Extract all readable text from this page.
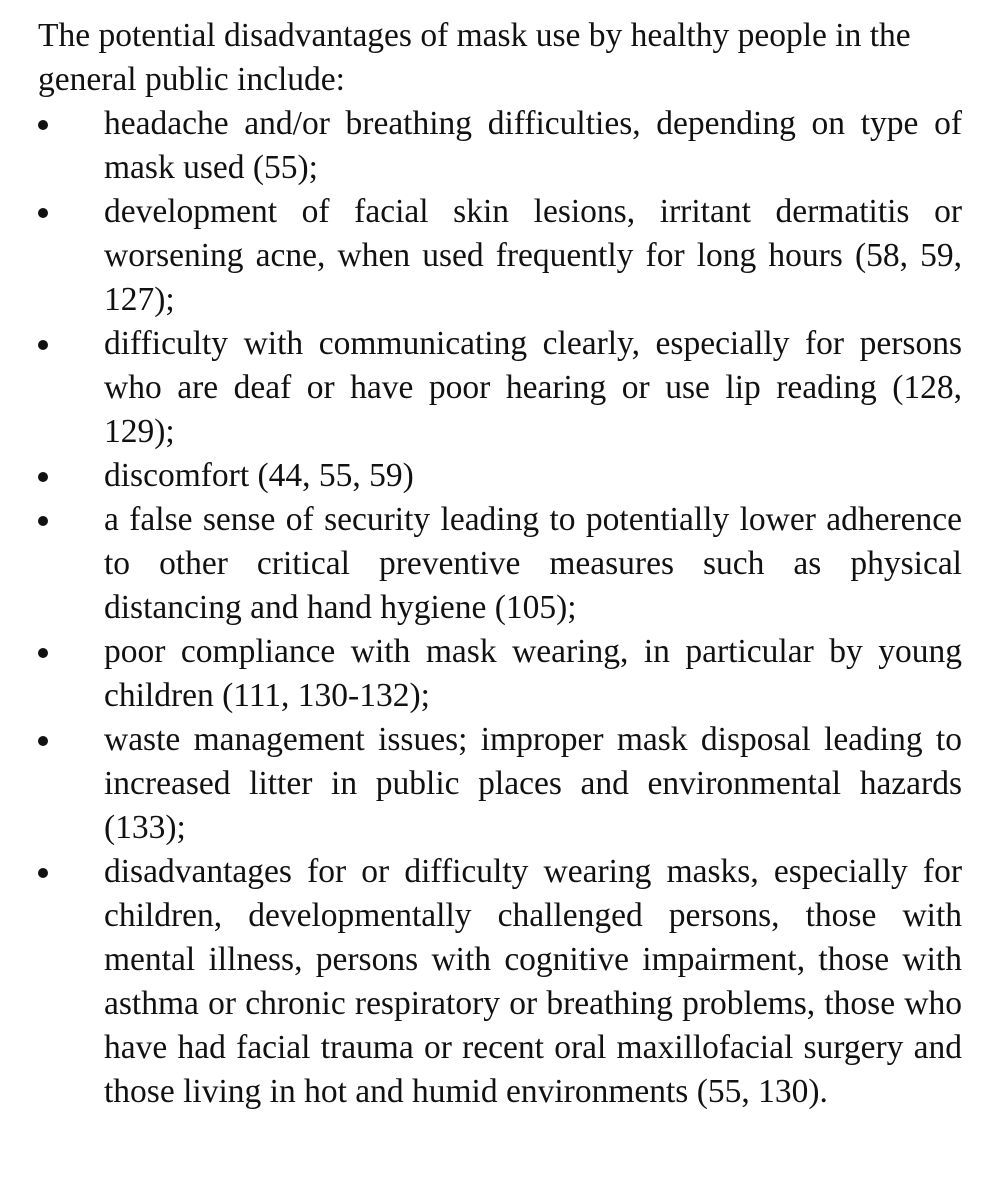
The potential disadvantages of mask use by healthy people in the general public include:

headache and/or breathing difficulties, depending on type of mask used (55);
development of facial skin lesions, irritant dermatitis or worsening acne, when used frequently for long hours (58, 59, 127);
difficulty with communicating clearly, especially for persons who are deaf or have poor hearing or use lip reading (128, 129);
discomfort (44, 55, 59)
a false sense of security leading to potentially lower adherence to other critical preventive measures such as physical distancing and hand hygiene (105);
poor compliance with mask wearing, in particular by young children (111, 130-132);
waste management issues; improper mask disposal leading to increased litter in public places and environmental hazards (133);
disadvantages for or difficulty wearing masks, especially for children, developmentally challenged persons, those with mental illness, persons with cognitive impairment, those with asthma or chronic respiratory or breathing problems, those who have had facial trauma or recent oral maxillofacial surgery and those living in hot and humid environments (55, 130).
